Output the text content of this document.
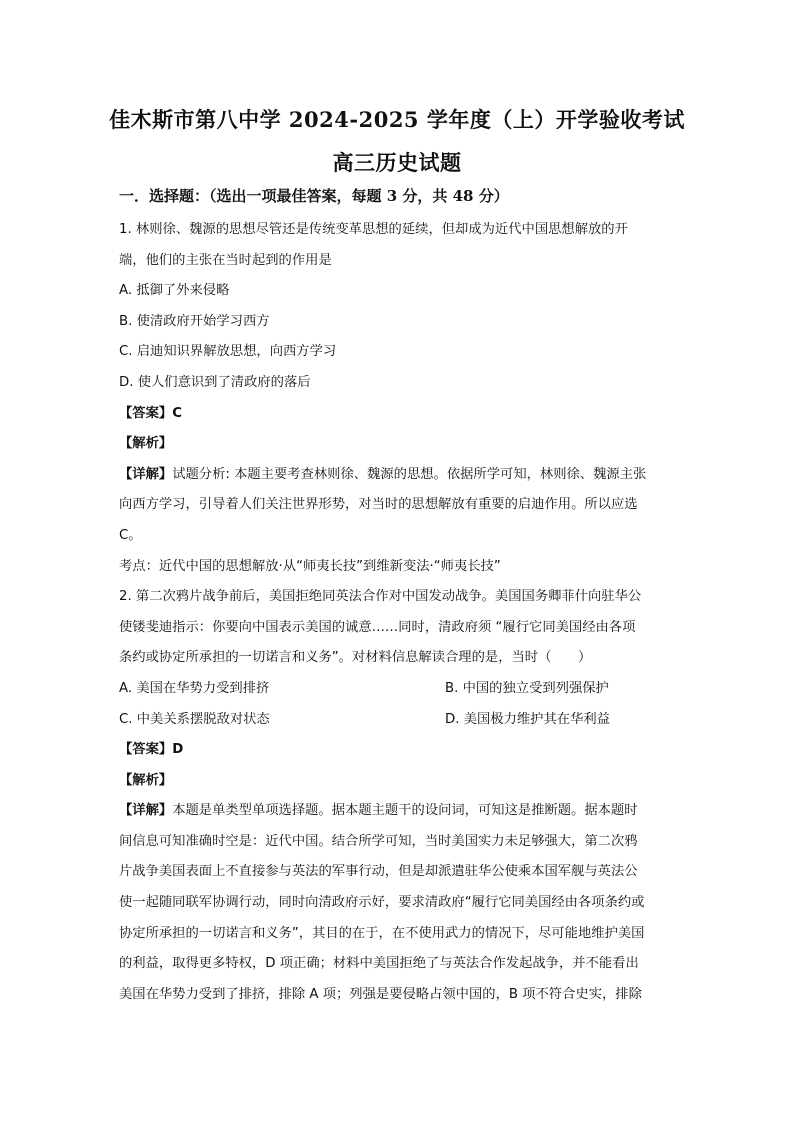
佳木斯市第八中学 2024-2025 学年度（上）开学验收考试
高三历史试题
一．选择题：（选出一项最佳答案，每题 3 分，共 48 分）

1. 林则徐、魏源的思想尽管还是传统变革思想的延续，但却成为近代中国思想解放的开

端，他们的主张在当时起到的作用是

A. 抵御了外来侵略

B. 使清政府开始学习西方

C. 启迪知识界解放思想，向西方学习

D. 使人们意识到了清政府的落后

【答案】C

【解析】

【详解】试题分析: 本题主要考查林则徐、魏源的思想。依据所学可知，林则徐、魏源主张

向西方学习，引导着人们关注世界形势，对当时的思想解放有重要的启迪作用。所以应选

C。

考点：近代中国的思想解放·从“师夷长技”到维新变法·“师夷长技”

2. 第二次鸦片战争前后，美国拒绝同英法合作对中国发动战争。美国国务卿菲什向驻华公

使镂斐迪指示：你要向中国表示美国的诚意……同时，清政府须 “履行它同美国经由各项

条约或协定所承担的一切诺言和义务”。对材料信息解读合理的是，当时（　　）

A. 美国在华势力受到排挤	B. 中国的独立受到列强保护

C. 中美关系摆脱敌对状态	D. 美国极力维护其在华利益

【答案】D

【解析】

【详解】本题是单类型单项选择题。据本题主题干的设问词，可知这是推断题。据本题时

间信息可知准确时空是：近代中国。结合所学可知，当时美国实力未足够强大，第二次鸦

片战争美国表面上不直接参与英法的军事行动，但是却派遣驻华公使乘本国军舰与英法公

使一起随同联军协调行动，同时向清政府示好，要求清政府“履行它同美国经由各项条约或

协定所承担的一切诺言和义务”，其目的在于，在不使用武力的情况下，尽可能地维护美国

的利益，取得更多特权，D 项正确；材料中美国拒绝了与英法合作发起战争，并不能看出

美国在华势力受到了排挤，排除 A 项；列强是要侵略占领中国的，B 项不符合史实，排除
